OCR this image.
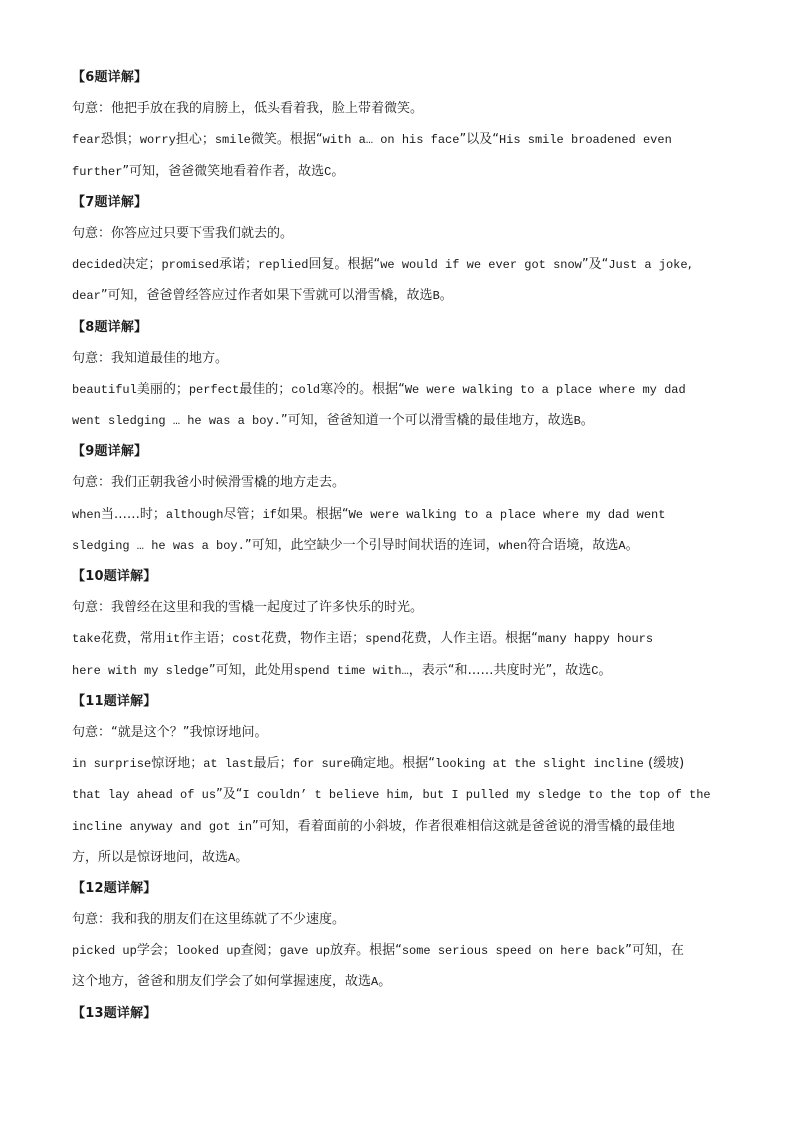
【6题详解】
句意：他把手放在我的肩膀上，低头看着我，脸上带着微笑。
fear恐惧；worry担心；smile微笑。根据“with a… on his face”以及“His smile broadened even
further”可知，爸爸微笑地看着作者，故选C。
【7题详解】
句意：你答应过只要下雪我们就去的。
decided决定；promised承诺；replied回复。根据“we would if we ever got snow”及“Just a joke,
dear”可知，爸爸曾经答应过作者如果下雪就可以滑雪橇，故选B。
【8题详解】
句意：我知道最佳的地方。
beautiful美丽的；perfect最佳的；cold寒冷的。根据“We were walking to a place where my dad
went sledging … he was a boy.”可知，爸爸知道一个可以滑雪橇的最佳地方，故选B。
【9题详解】
句意：我们正朝我爸小时候滑雪橇的地方走去。
when当……时；although尽管；if如果。根据“We were walking to a place where my dad went
sledging … he was a boy.”可知，此空缺少一个引导时间状语的连词，when符合语境，故选A。
【10题详解】
句意：我曾经在这里和我的雪橇一起度过了许多快乐的时光。
take花费，常用it作主语；cost花费，物作主语；spend花费，人作主语。根据“many happy hours
here with my sledge”可知，此处用spend time with…，表示“和……共度时光”，故选C。
【11题详解】
句意：“就是这个？”我惊讶地问。
in surprise惊讶地；at last最后；for sure确定地。根据“looking at the slight incline (缓坡)
that lay ahead of us”及“I couldn’ t believe him, but I pulled my sledge to the top of the
incline anyway and got in”可知，看着面前的小斜坡，作者很难相信这就是爸爸说的滑雪橇的最佳地
方，所以是惊讶地问，故选A。
【12题详解】
句意：我和我的朋友们在这里练就了不少速度。
picked up学会；looked up查阅；gave up放弃。根据“some serious speed on here back”可知，在
这个地方，爸爸和朋友们学会了如何掌握速度，故选A。
【13题详解】
